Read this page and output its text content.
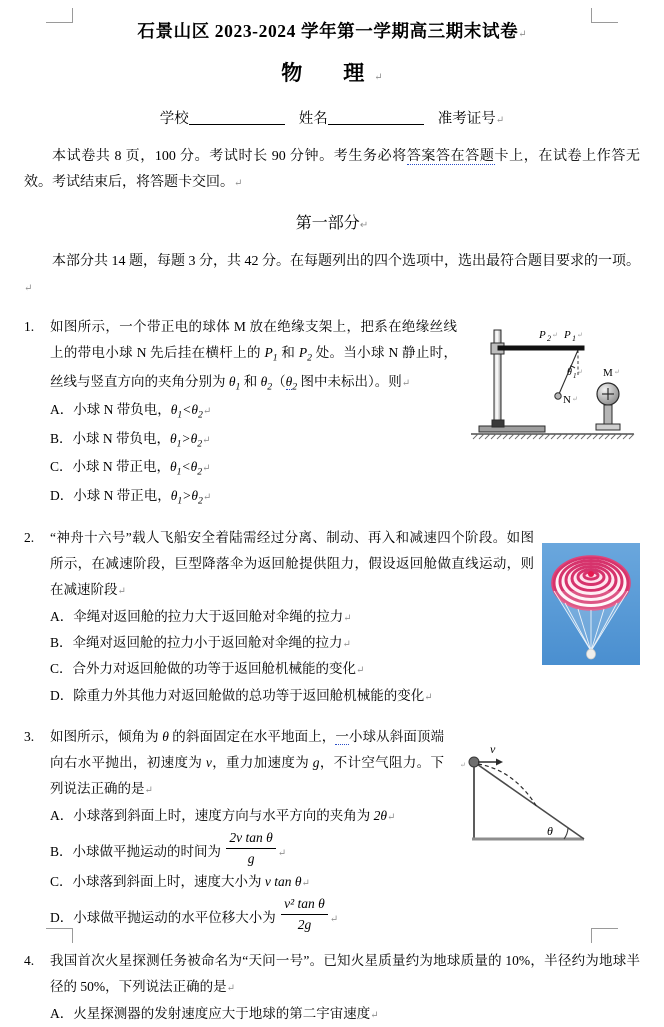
石景山区 2023-2024 学年第一学期高三期末试卷↵
物　理↵
学校	姓名	准考证号↵
本试卷共 8 页，100 分。考试时长 90 分钟。考生务必将答案答在答题卡上，在试卷上作答无效。考试结束后，将答题卡交回。↵
第一部分↵
本部分共 14 题，每题 3 分，共 42 分。在每题列出的四个选项中，选出最符合题目要求的一项。↵
1.
P 2 ↵ P 1 ↵
θ 1 ↵
N ↵
M ↵
如图所示，一个带正电的球体 M 放在绝缘支架上，把系在绝缘丝线上的带电小球 N 先后挂在横杆上的 $P_1$ 和 $P_2$ 处。当小球 N 静止时，丝线与竖直方向的夹角分别为 $\theta_1$ 和 $\theta_2(\theta_2$ 图中未标出）。则↵
A．小球 N 带负电，$\theta_1<\theta_2↵$
B．小球 N 带负电，$\theta_1>\theta_2↵$
C．小球 N 带正电，$\theta_1<\theta_2↵$
D．小球 N 带正电，$\theta_1>\theta_2↵$
2.	“神舟十六号”载人飞船安全着陆需经过分离、制动、再入和减速四个阶段。如图所示，在减速阶段，巨型降落伞为返回舱提供阻力，假设返回舱做直线运动，则在减速阶段↵
A．伞绳对返回舱的拉力大于返回舱对伞绳的拉力↵
B．伞绳对返回舱的拉力小于返回舱对伞绳的拉力↵
C．合外力对返回舱做的功等于返回舱机械能的变化↵
D．除重力外其他力对返回舱做的总功等于返回舱机械能的变化↵
3.
v
θ
↵
如图所示，倾角为 θ 的斜面固定在水平地面上，一小球从斜面顶端向右水平抛出，初速度为 v，重力加速度为 g，不计空气阻力。下列说法正确的是↵
A．小球落到斜面上时，速度方向与水平方向的夹角为 2θ↵
B．小球做平抛运动的时间为 $\frac{\text{2v tan θ}}{g}$ ↵
C．小球落到斜面上时，速度大小为 v tan θ↵
D．小球做平抛运动的水平位移大小为 $\frac{\text{v² tan θ}}{2g}$ ↵
4.	我国首次火星探测任务被命名为“天问一号”。已知火星质量约为地球质量的 10%，半径约为地球半径的 50%，下列说法正确的是↵
A．火星探测器的发射速度应大于地球的第二宇宙速度↵
